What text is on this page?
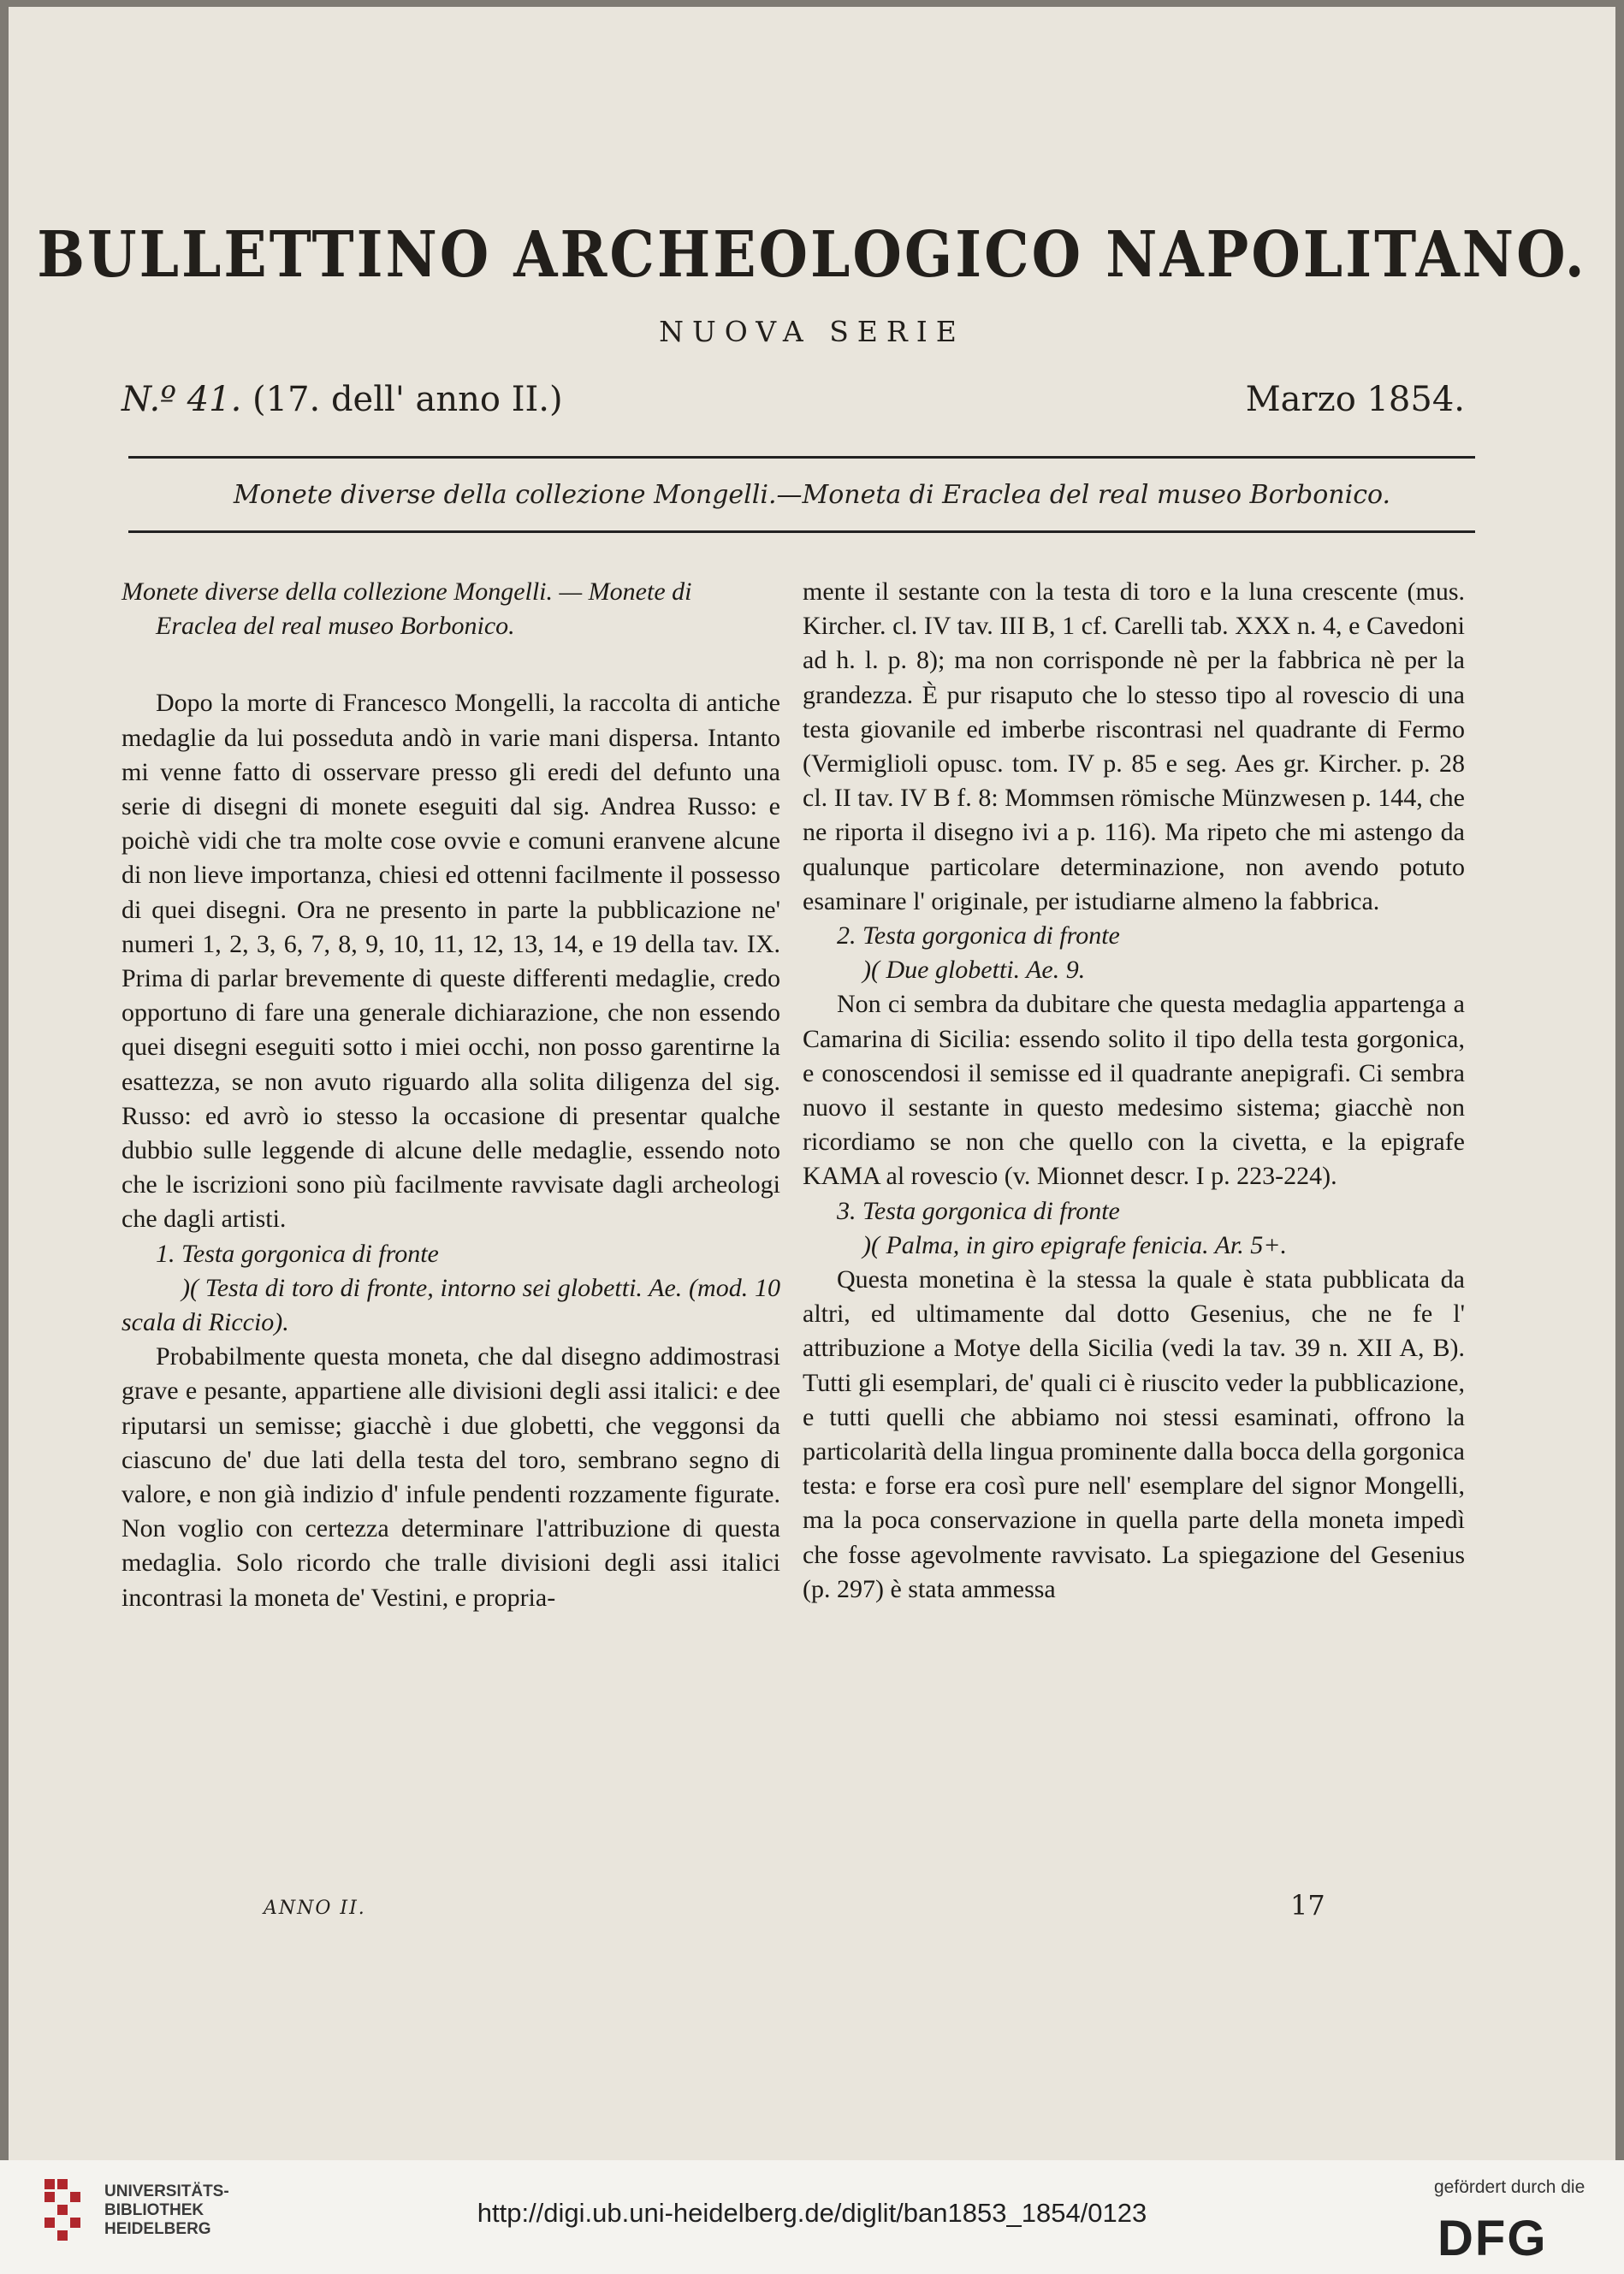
BULLETTINO ARCHEOLOGICO NAPOLITANO.
NUOVA SERIE
N.º 41. (17. dell' anno II.)	Marzo 1854.
Monete diverse della collezione Mongelli.—Moneta di Eraclea del real museo Borbonico.

Monete diverse della collezione Mongelli. — Monete di

Eraclea del real museo Borbonico.

Dopo la morte di Francesco Mongelli, la raccolta di antiche medaglie da lui posseduta andò in varie mani dispersa. Intanto mi venne fatto di osservare presso gli eredi del defunto una serie di disegni di monete eseguiti dal sig. Andrea Russo: e poichè vidi che tra molte cose ovvie e comuni eranvene alcune di non lieve importanza, chiesi ed ottenni facilmente il possesso di quei disegni. Ora ne presento in parte la pubblicazione ne' numeri 1, 2, 3, 6, 7, 8, 9, 10, 11, 12, 13, 14, e 19 della tav. IX. Prima di parlar brevemente di queste differenti medaglie, credo opportuno di fare una generale dichiarazione, che non essendo quei disegni eseguiti sotto i miei occhi, non posso garentirne la esattezza, se non avuto riguardo alla solita diligenza del sig. Russo: ed avrò io stesso la occasione di presentar qualche dubbio sulle leggende di alcune delle medaglie, essendo noto che le iscrizioni sono più facilmente ravvisate dagli archeologi che dagli artisti.

1. Testa gorgonica di fronte

)( Testa di toro di fronte, intorno sei globetti. Ae. (mod. 10 scala di Riccio).

Probabilmente questa moneta, che dal disegno addimostrasi grave e pesante, appartiene alle divisioni degli assi italici: e dee riputarsi un semisse; giacchè i due globetti, che veggonsi da ciascuno de' due lati della testa del toro, sembrano segno di valore, e non già indizio d' infule pendenti rozzamente figurate. Non voglio con certezza determinare l'attribuzione di questa medaglia. Solo ricordo che tralle divisioni degli assi italici incontrasi la moneta de' Vestini, e propria-

mente il sestante con la testa di toro e la luna crescente (mus. Kircher. cl. IV tav. III B, 1 cf. Carelli tab. XXX n. 4, e Cavedoni ad h. l. p. 8); ma non corrisponde nè per la fabbrica nè per la grandezza. È pur risaputo che lo stesso tipo al rovescio di una testa giovanile ed imberbe riscontrasi nel quadrante di Fermo (Vermiglioli opusc. tom. IV p. 85 e seg. Aes gr. Kircher. p. 28 cl. II tav. IV B f. 8: Mommsen römische Münzwesen p. 144, che ne riporta il disegno ivi a p. 116). Ma ripeto che mi astengo da qualunque particolare determinazione, non avendo potuto esaminare l' originale, per istudiarne almeno la fabbrica.

2. Testa gorgonica di fronte

)( Due globetti. Ae. 9.

Non ci sembra da dubitare che questa medaglia appartenga a Camarina di Sicilia: essendo solito il tipo della testa gorgonica, e conoscendosi il semisse ed il quadrante anepigrafi. Ci sembra nuovo il sestante in questo medesimo sistema; giacchè non ricordiamo se non che quello con la civetta, e la epigrafe KAMA al rovescio (v. Mionnet descr. I p. 223-224).

3. Testa gorgonica di fronte

)( Palma, in giro epigrafe fenicia. Ar. 5+.

Questa monetina è la stessa la quale è stata pubblicata da altri, ed ultimamente dal dotto Gesenius, che ne fe l' attribuzione a Motye della Sicilia (vedi la tav. 39 n. XII A, B). Tutti gli esemplari, de' quali ci è riuscito veder la pubblicazione, e tutti quelli che abbiamo noi stessi esaminati, offrono la particolarità della lingua prominente dalla bocca della gorgonica testa: e forse era così pure nell' esemplare del signor Mongelli, ma la poca conservazione in quella parte della moneta impedì che fosse agevolmente ravvisato. La spiegazione del Gesenius (p. 297) è stata ammessa

ANNO II.	17
UNIVERSITÄTS-
BIBLIOTHEK
HEIDELBERG
http://digi.ub.uni-heidelberg.de/diglit/ban1853_1854/0123
gefördert durch die
DFG
